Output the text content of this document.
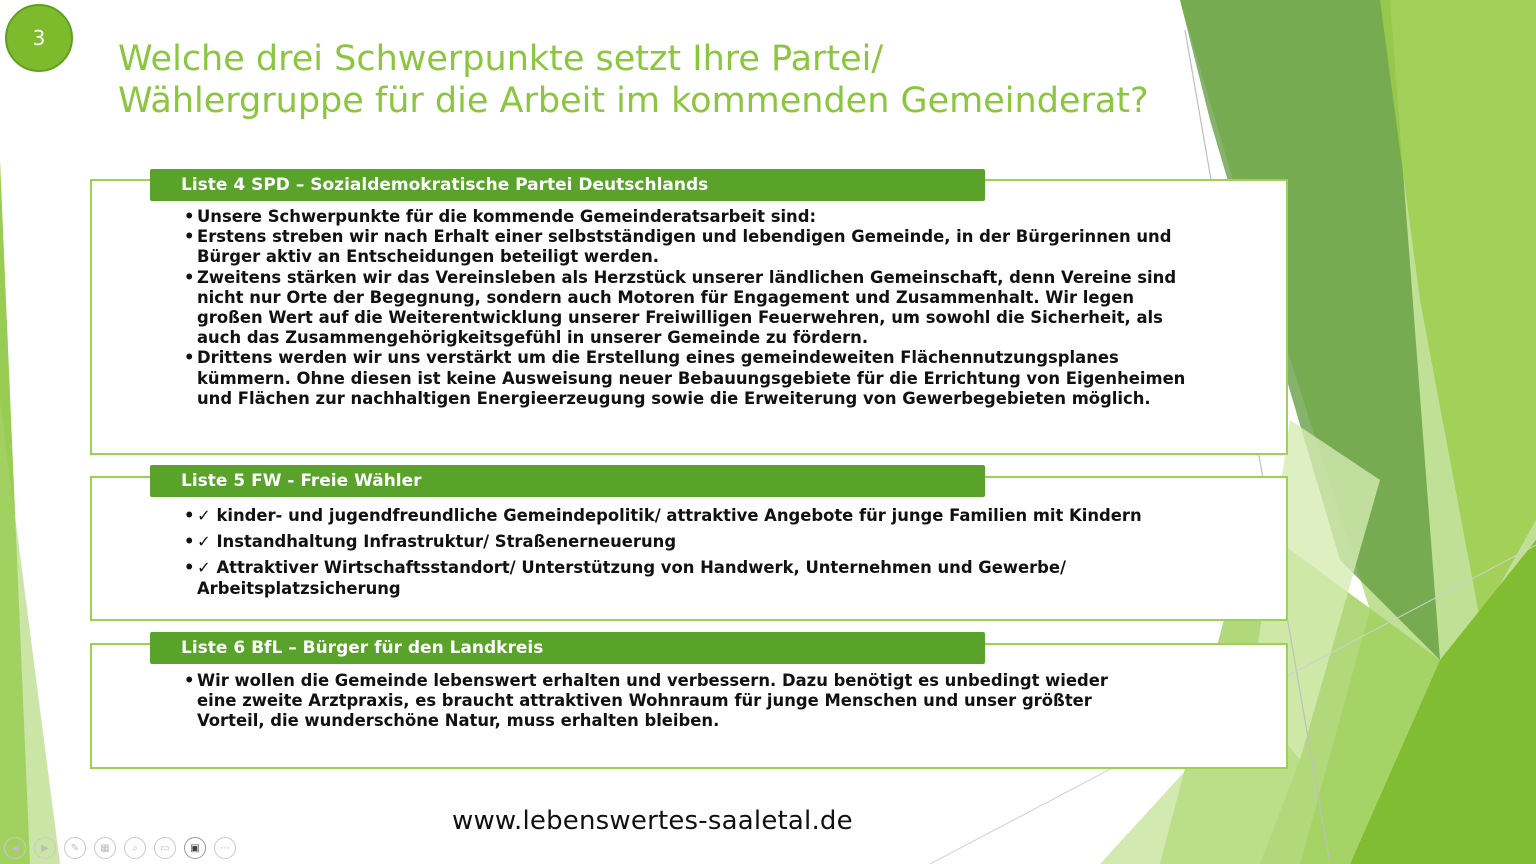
3
Welche drei Schwerpunkte setzt Ihre Partei/
Wählergruppe für die Arbeit im kommenden Gemeinderat?
Liste 4 SPD – Sozialdemokratische Partei Deutschlands
• Unsere Schwerpunkte für die kommende Gemeinderatsarbeit sind:
• Erstens streben wir nach Erhalt einer selbstständigen und lebendigen Gemeinde, in der Bürgerinnen und Bürger aktiv an Entscheidungen beteiligt werden.
• Zweitens stärken wir das Vereinsleben als Herzstück unserer ländlichen Gemeinschaft, denn Vereine sind nicht nur Orte der Begegnung, sondern auch Motoren für Engagement und Zusammenhalt. Wir legen großen Wert auf die Weiterentwicklung unserer Freiwilligen Feuerwehren, um sowohl die Sicherheit, als auch das Zusammengehörigkeitsgefühl in unserer Gemeinde zu fördern.
• Drittens werden wir uns verstärkt um die Erstellung eines gemeindeweiten Flächennutzungsplanes kümmern. Ohne diesen ist keine Ausweisung neuer Bebauungsgebiete für die Errichtung von Eigenheimen und Flächen zur nachhaltigen Energieerzeugung sowie die Erweiterung von Gewerbegebieten möglich.
Liste 5 FW - Freie Wähler
• ✓ kinder- und jugendfreundliche Gemeindepolitik/ attraktive Angebote für junge Familien mit Kindern
• ✓ Instandhaltung Infrastruktur/ Straßenerneuerung
• ✓ Attraktiver Wirtschaftsstandort/ Unterstützung von Handwerk, Unternehmen und Gewerbe/ Arbeitsplatzsicherung
Liste 6 BfL – Bürger für den Landkreis
• Wir wollen die Gemeinde lebenswert erhalten und verbessern. Dazu benötigt es unbedingt wieder eine zweite Arztpraxis, es braucht attraktiven Wohnraum für junge Menschen und unser größter Vorteil, die wunderschöne Natur, muss erhalten bleiben.
www.lebenswertes-saaletal.de
◀	▶	✎	▦	⌕	▭	▣	⋯
